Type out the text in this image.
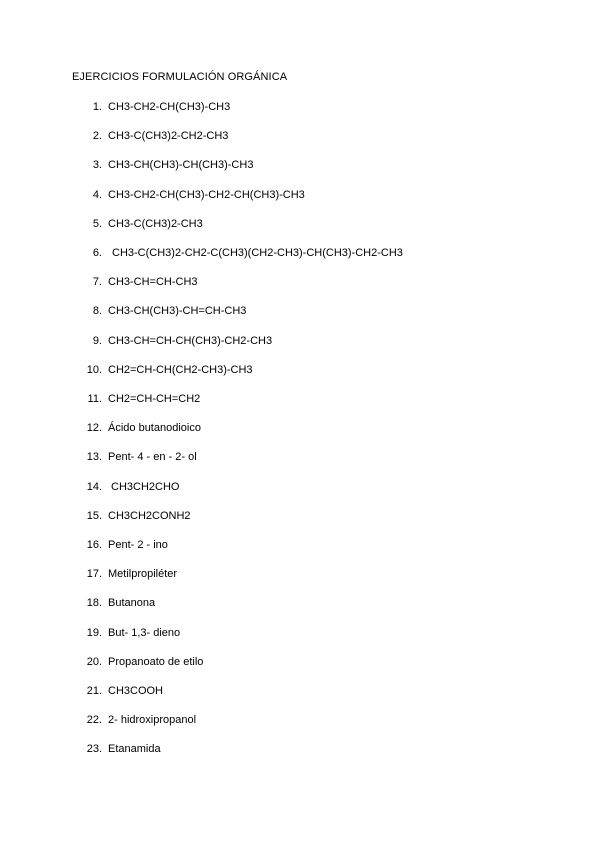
EJERCICIOS FORMULACIÓN ORGÁNICA
1. CH3-CH2-CH(CH3)-CH3
2. CH3-C(CH3)2-CH2-CH3
3. CH3-CH(CH3)-CH(CH3)-CH3
4. CH3-CH2-CH(CH3)-CH2-CH(CH3)-CH3
5. CH3-C(CH3)2-CH3
6. CH3-C(CH3)2-CH2-C(CH3)(CH2-CH3)-CH(CH3)-CH2-CH3
7. CH3-CH=CH-CH3
8. CH3-CH(CH3)-CH=CH-CH3
9. CH3-CH=CH-CH(CH3)-CH2-CH3
10. CH2=CH-CH(CH2-CH3)-CH3
11. CH2=CH-CH=CH2
12. Ácido butanodioico
13. Pent- 4 - en - 2- ol
14. CH3CH2CHO
15. CH3CH2CONH2
16. Pent- 2 - ino
17. Metilpropiléter
18. Butanona
19. But- 1,3- dieno
20. Propanoato de etilo
21. CH3COOH
22. 2- hidroxipropanol
23. Etanamida
